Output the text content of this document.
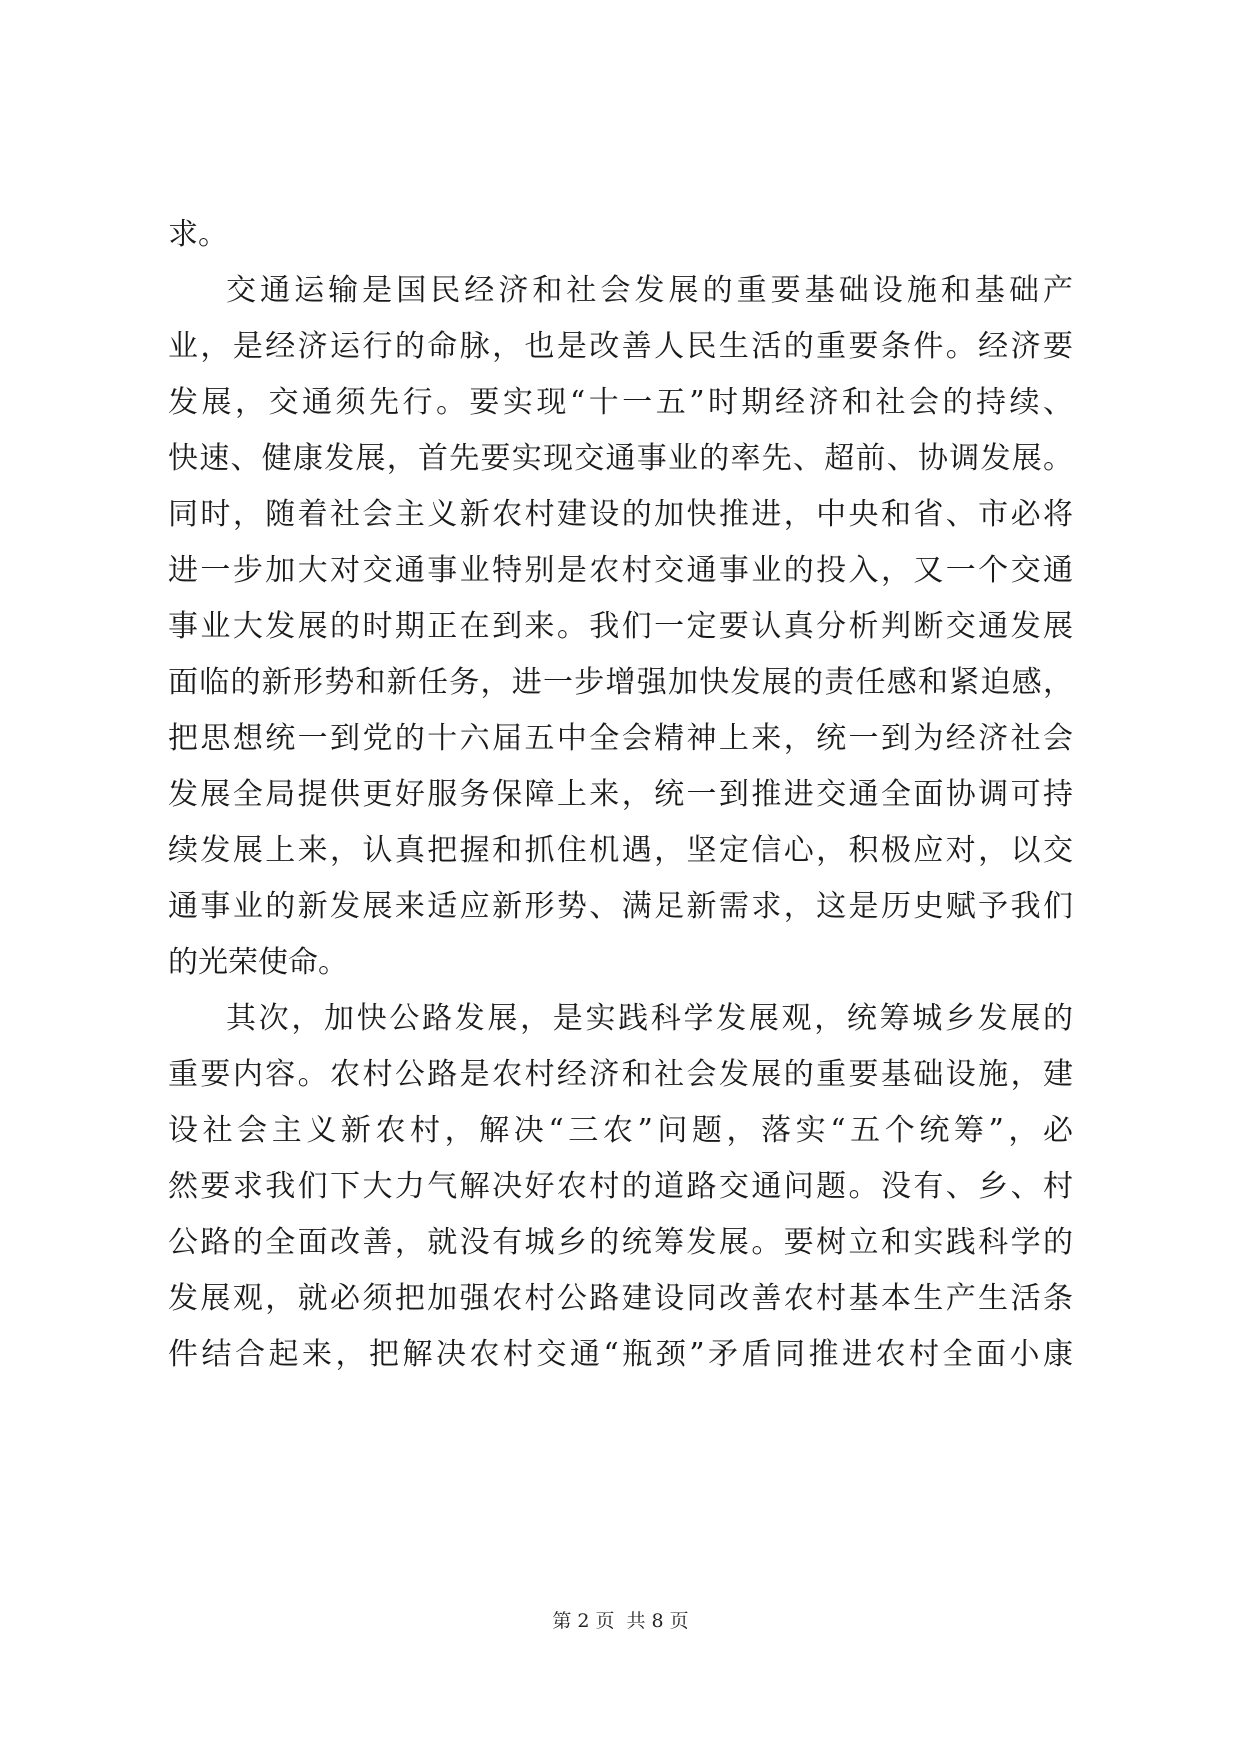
求。
交通运输是国民经济和社会发展的重要基础设施和基础产
业，是经济运行的命脉，也是改善人民生活的重要条件。经济要
发展，交通须先行。要实现“十一五”时期经济和社会的持续、
快速、健康发展，首先要实现交通事业的率先、超前、协调发展。
同时，随着社会主义新农村建设的加快推进，中央和省、市必将
进一步加大对交通事业特别是农村交通事业的投入，又一个交通
事业大发展的时期正在到来。我们一定要认真分析判断交通发展
面临的新形势和新任务，进一步增强加快发展的责任感和紧迫感，
把思想统一到党的十六届五中全会精神上来，统一到为经济社会
发展全局提供更好服务保障上来，统一到推进交通全面协调可持
续发展上来，认真把握和抓住机遇，坚定信心，积极应对，以交
通事业的新发展来适应新形势、满足新需求，这是历史赋予我们
的光荣使命。
其次，加快公路发展，是实践科学发展观，统筹城乡发展的
重要内容。农村公路是农村经济和社会发展的重要基础设施，建
设社会主义新农村，解决“三农”问题，落实“五个统筹”，必
然要求我们下大力气解决好农村的道路交通问题。没有、乡、村
公路的全面改善，就没有城乡的统筹发展。要树立和实践科学的
发展观，就必须把加强农村公路建设同改善农村基本生产生活条
件结合起来，把解决农村交通“瓶颈”矛盾同推进农村全面小康
第 2 页 共 8 页
